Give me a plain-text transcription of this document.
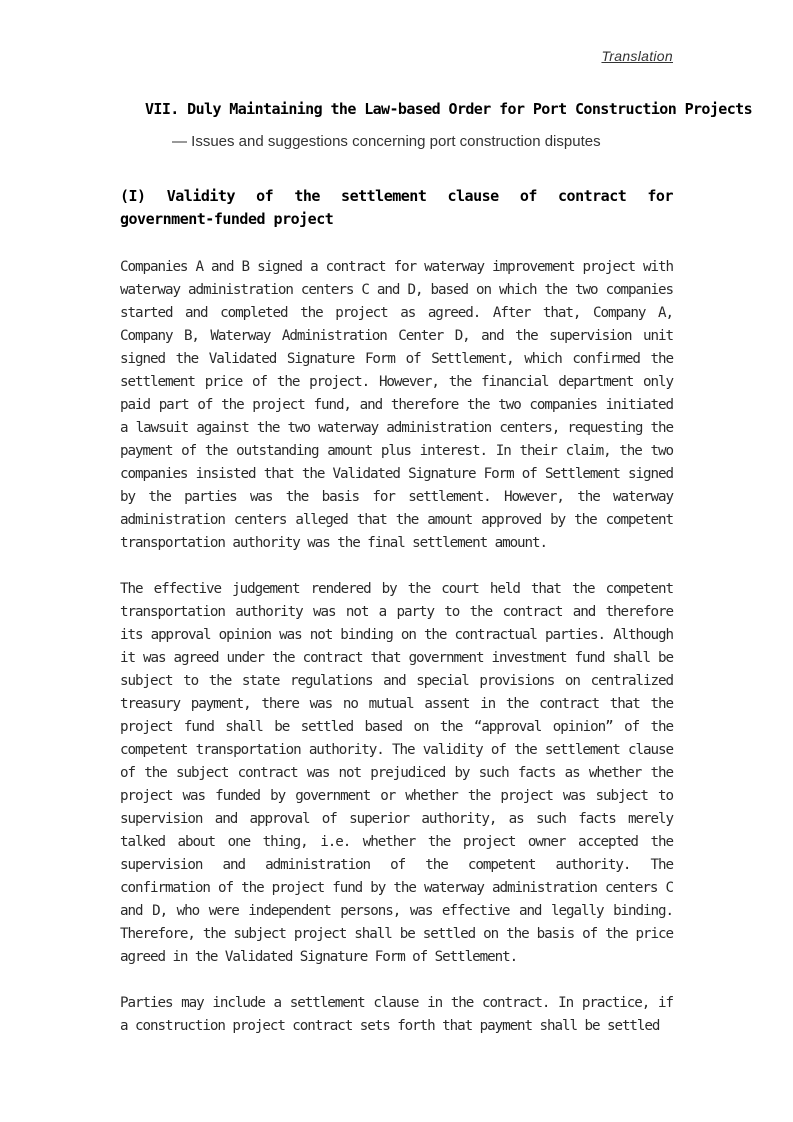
Translation
VII. Duly Maintaining the Law-based Order for Port Construction Projects
— Issues and suggestions concerning port construction disputes
(I) Validity of the settlement clause of contract for government-funded project

Companies A and B signed a contract for waterway improvement project with waterway administration centers C and D, based on which the two companies started and completed the project as agreed. After that, Company A, Company B, Waterway Administration Center D, and the supervision unit signed the Validated Signature Form of Settlement, which confirmed the settlement price of the project. However, the financial department only paid part of the project fund, and therefore the two companies initiated a lawsuit against the two waterway administration centers, requesting the payment of the outstanding amount plus interest. In their claim, the two companies insisted that the Validated Signature Form of Settlement signed by the parties was the basis for settlement. However, the waterway administration centers alleged that the amount approved by the competent transportation authority was the final settlement amount.

The effective judgement rendered by the court held that the competent transportation authority was not a party to the contract and therefore its approval opinion was not binding on the contractual parties. Although it was agreed under the contract that government investment fund shall be subject to the state regulations and special provisions on centralized treasury payment, there was no mutual assent in the contract that the project fund shall be settled based on the “approval opinion” of the competent transportation authority. The validity of the settlement clause of the subject contract was not prejudiced by such facts as whether the project was funded by government or whether the project was subject to supervision and approval of superior authority, as such facts merely talked about one thing, i.e. whether the project owner accepted the supervision and administration of the competent authority. The confirmation of the project fund by the waterway administration centers C and D, who were independent persons, was effective and legally binding. Therefore, the subject project shall be settled on the basis of the price agreed in the Validated Signature Form of Settlement.

Parties may include a settlement clause in the contract. In practice, if a construction project contract sets forth that payment shall be settled
